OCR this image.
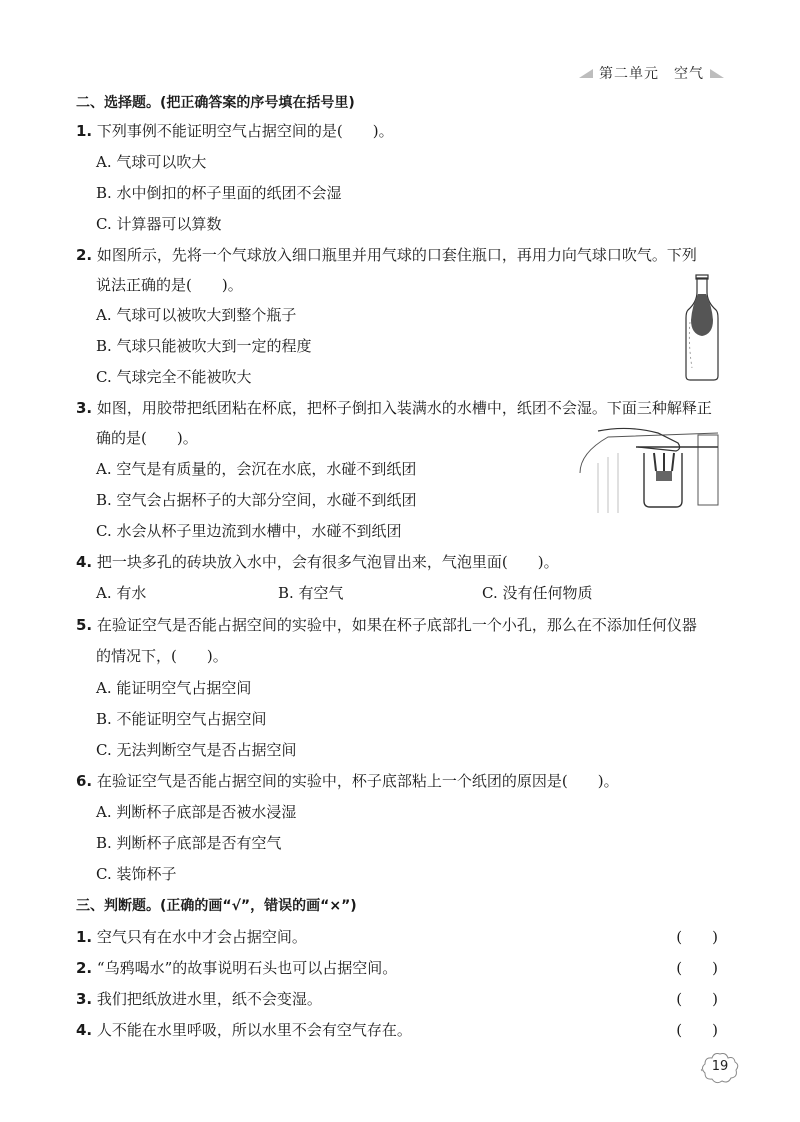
第二单元　空气
二、选择题。(把正确答案的序号填在括号里)
1. 下列事例不能证明空气占据空间的是(　　)。
A. 气球可以吹大
B. 水中倒扣的杯子里面的纸团不会湿
C. 计算器可以算数
2. 如图所示，先将一个气球放入细口瓶里并用气球的口套住瓶口，再用力向气球口吹气。下列
说法正确的是(　　)。
A. 气球可以被吹大到整个瓶子
B. 气球只能被吹大到一定的程度
C. 气球完全不能被吹大
3. 如图，用胶带把纸团粘在杯底，把杯子倒扣入装满水的水槽中，纸团不会湿。下面三种解释正
确的是(　　)。
A. 空气是有质量的，会沉在水底，水碰不到纸团
B. 空气会占据杯子的大部分空间，水碰不到纸团
C. 水会从杯子里边流到水槽中，水碰不到纸团
4. 把一块多孔的砖块放入水中，会有很多气泡冒出来，气泡里面(　　)。
A. 有水	B. 有空气	C. 没有任何物质
5. 在验证空气是否能占据空间的实验中，如果在杯子底部扎一个小孔，那么在不添加任何仪器
的情况下，(　　)。
A. 能证明空气占据空间
B. 不能证明空气占据空间
C. 无法判断空气是否占据空间
6. 在验证空气是否能占据空间的实验中，杯子底部粘上一个纸团的原因是(　　)。
A. 判断杯子底部是否被水浸湿
B. 判断杯子底部是否有空气
C. 装饰杯子
三、判断题。(正确的画“√”，错误的画“×”)
1. 空气只有在水中才会占据空间。	(　　)
2. “乌鸦喝水”的故事说明石头也可以占据空间。	(　　)
3. 我们把纸放进水里，纸不会变湿。	(　　)
4. 人不能在水里呼吸，所以水里不会有空气存在。	(　　)
19
